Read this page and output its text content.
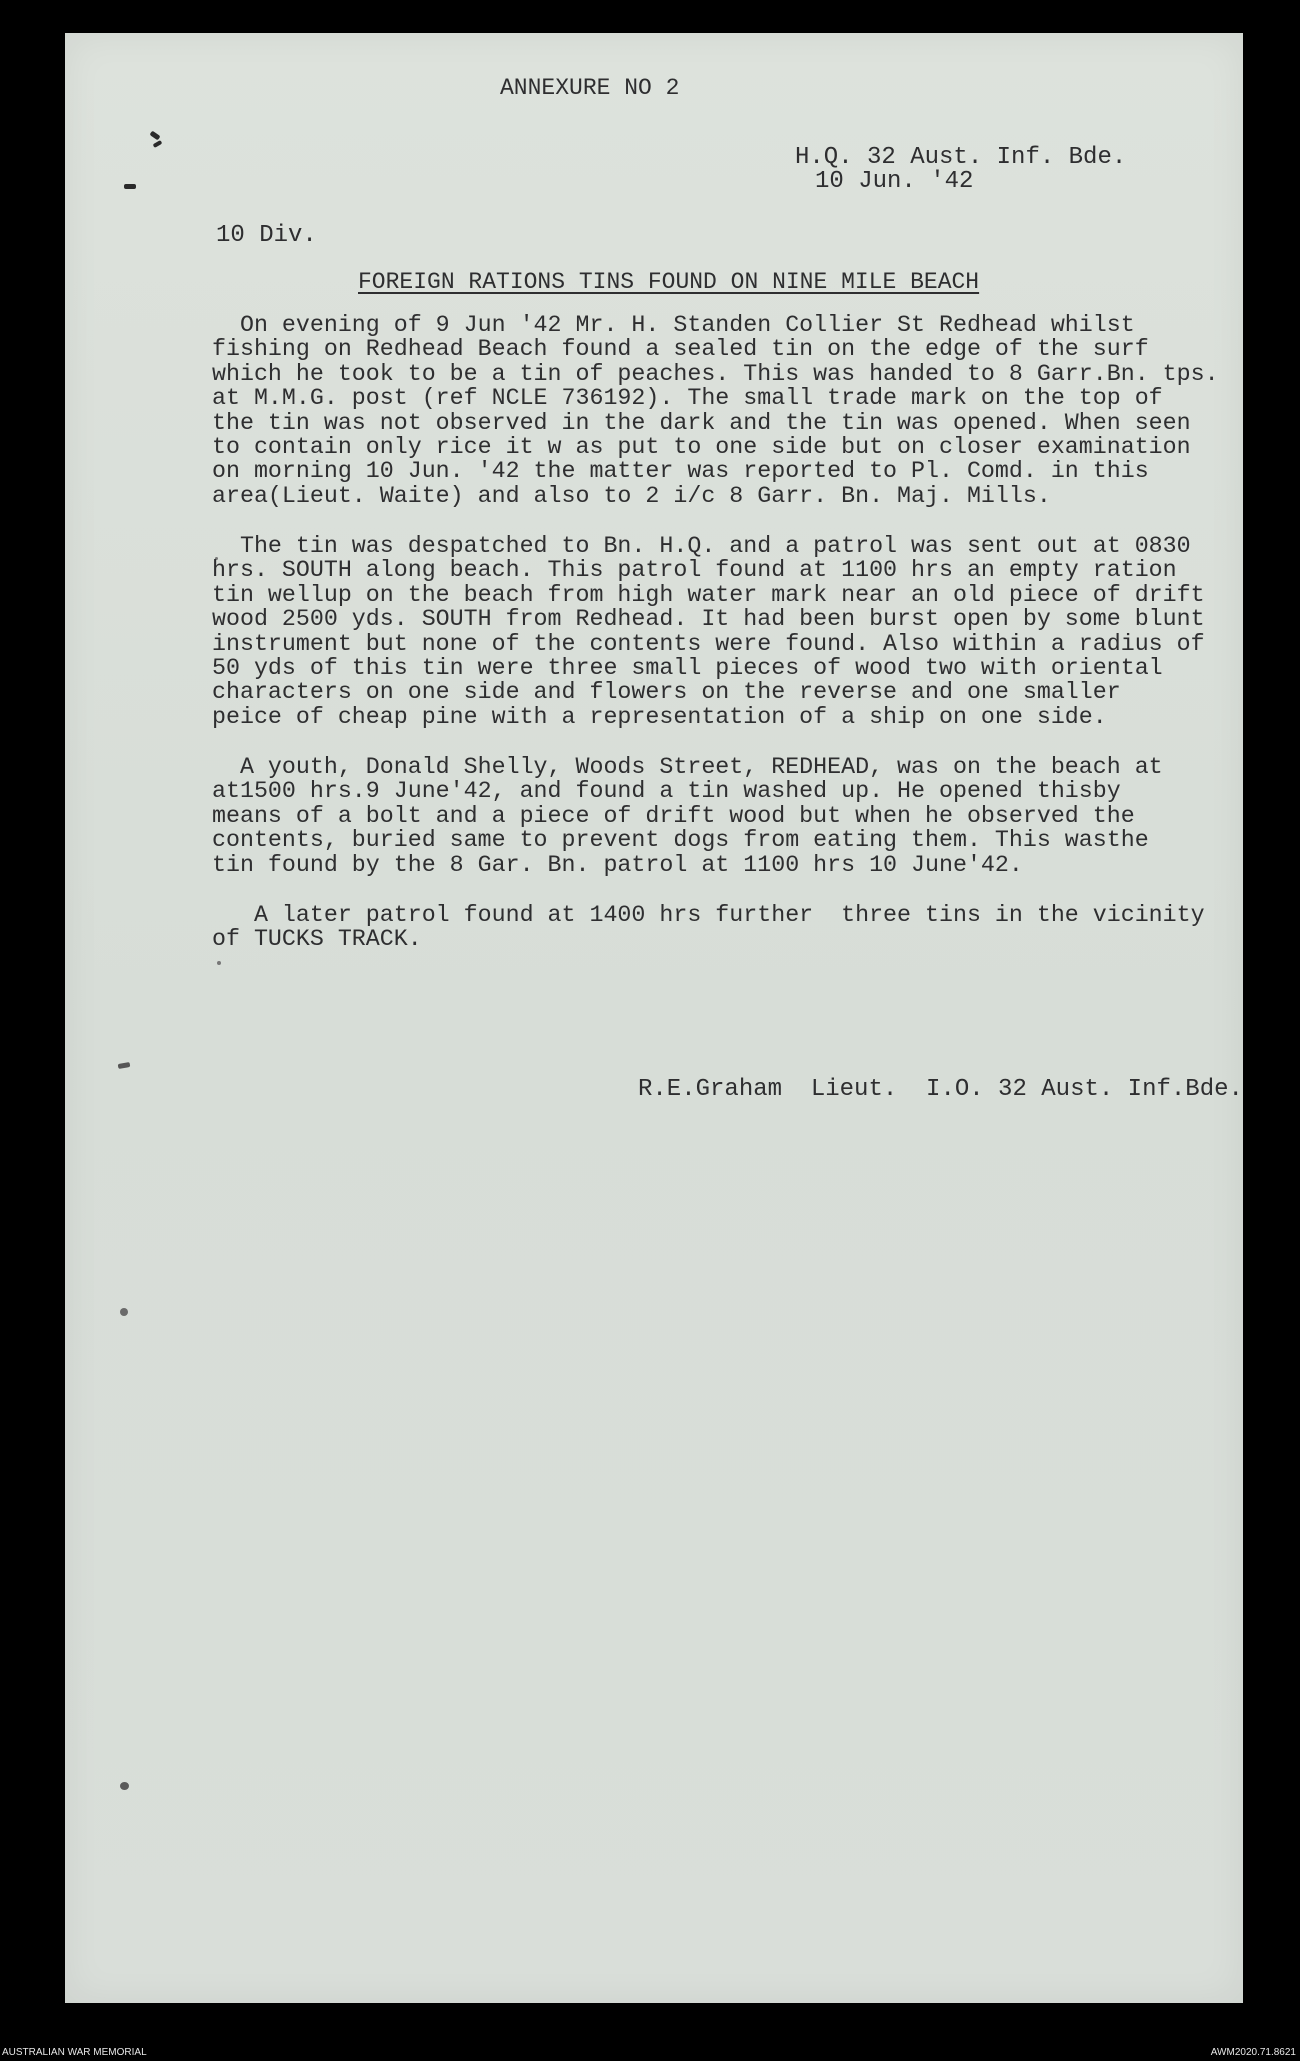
ANNEXURE NO 2
H.Q. 32 Aust. Inf. Bde.
10 Jun. '42
10 Div.
FOREIGN RATIONS TINS FOUND ON NINE MILE BEACH
On evening of 9 Jun '42 Mr. H. Standen Collier St Redhead whilst
fishing on Redhead Beach found a sealed tin on the edge of the surf
which he took to be a tin of peaches. This was handed to 8 Garr.Bn. tps.
at M.M.G. post (ref NCLE 736192). The small trade mark on the top of
the tin was not observed in the dark and the tin was opened. When seen
to contain only rice it w as put to one side but on closer examination
on morning 10 Jun. '42 the matter was reported to Pl. Comd. in this
area(Lieut. Waite) and also to 2 i/c 8 Garr. Bn. Maj. Mills.
The tin was despatched to Bn. H.Q. and a patrol was sent out at 0830
hrs. SOUTH along beach. This patrol found at 1100 hrs an empty ration
tin wellup on the beach from high water mark near an old piece of drift
wood 2500 yds. SOUTH from Redhead. It had been burst open by some blunt
instrument but none of the contents were found. Also within a radius of
50 yds of this tin were three small pieces of wood two with oriental
characters on one side and flowers on the reverse and one smaller
peice of cheap pine with a representation of a ship on one side.
A youth, Donald Shelly, Woods Street, REDHEAD, was on the beach at
at1500 hrs.9 June'42, and found a tin washed up. He opened thisby
means of a bolt and a piece of drift wood but when he observed the
contents, buried same to prevent dogs from eating them. This wasthe
tin found by the 8 Gar. Bn. patrol at 1100 hrs 10 June'42.
A later patrol found at 1400 hrs further  three tins in the vicinity
of TUCKS TRACK.
R.E.Graham  Lieut.  I.O. 32 Aust. Inf.Bde.
AUSTRALIAN WAR MEMORIAL	AWM2020.71.8621
